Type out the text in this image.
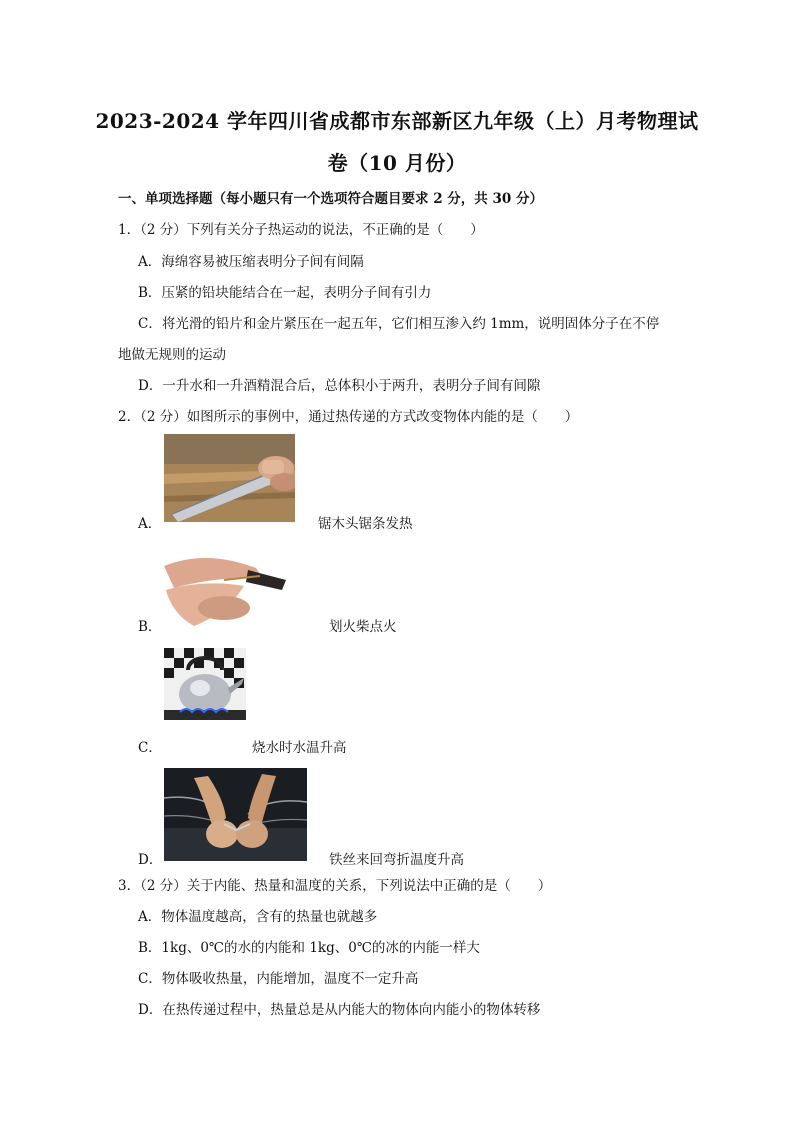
2023-2024 学年四川省成都市东部新区九年级（上）月考物理试
卷（10 月份）
一、单项选择题（每小题只有一个选项符合题目要求 2 分，共 30 分）
1．（2 分）下列有关分子热运动的说法，不正确的是（　　）
A．海绵容易被压缩表明分子间有间隔
B．压紧的铅块能结合在一起，表明分子间有引力
C．将光滑的铅片和金片紧压在一起五年，它们相互渗入约 1mm，说明固体分子在不停
地做无规则的运动
D．一升水和一升酒精混合后，总体积小于两升，表明分子间有间隙
2．（2 分）如图所示的事例中，通过热传递的方式改变物体内能的是（　　）
A．	锯木头锯条发热
B．	划火柴点火
C．	烧水时水温升高
D．	铁丝来回弯折温度升高
3．（2 分）关于内能、热量和温度的关系，下列说法中正确的是（　　）
A．物体温度越高，含有的热量也就越多
B．1kg、0℃的水的内能和 1kg、0℃的冰的内能一样大
C．物体吸收热量，内能增加，温度不一定升高
D．在热传递过程中，热量总是从内能大的物体向内能小的物体转移
